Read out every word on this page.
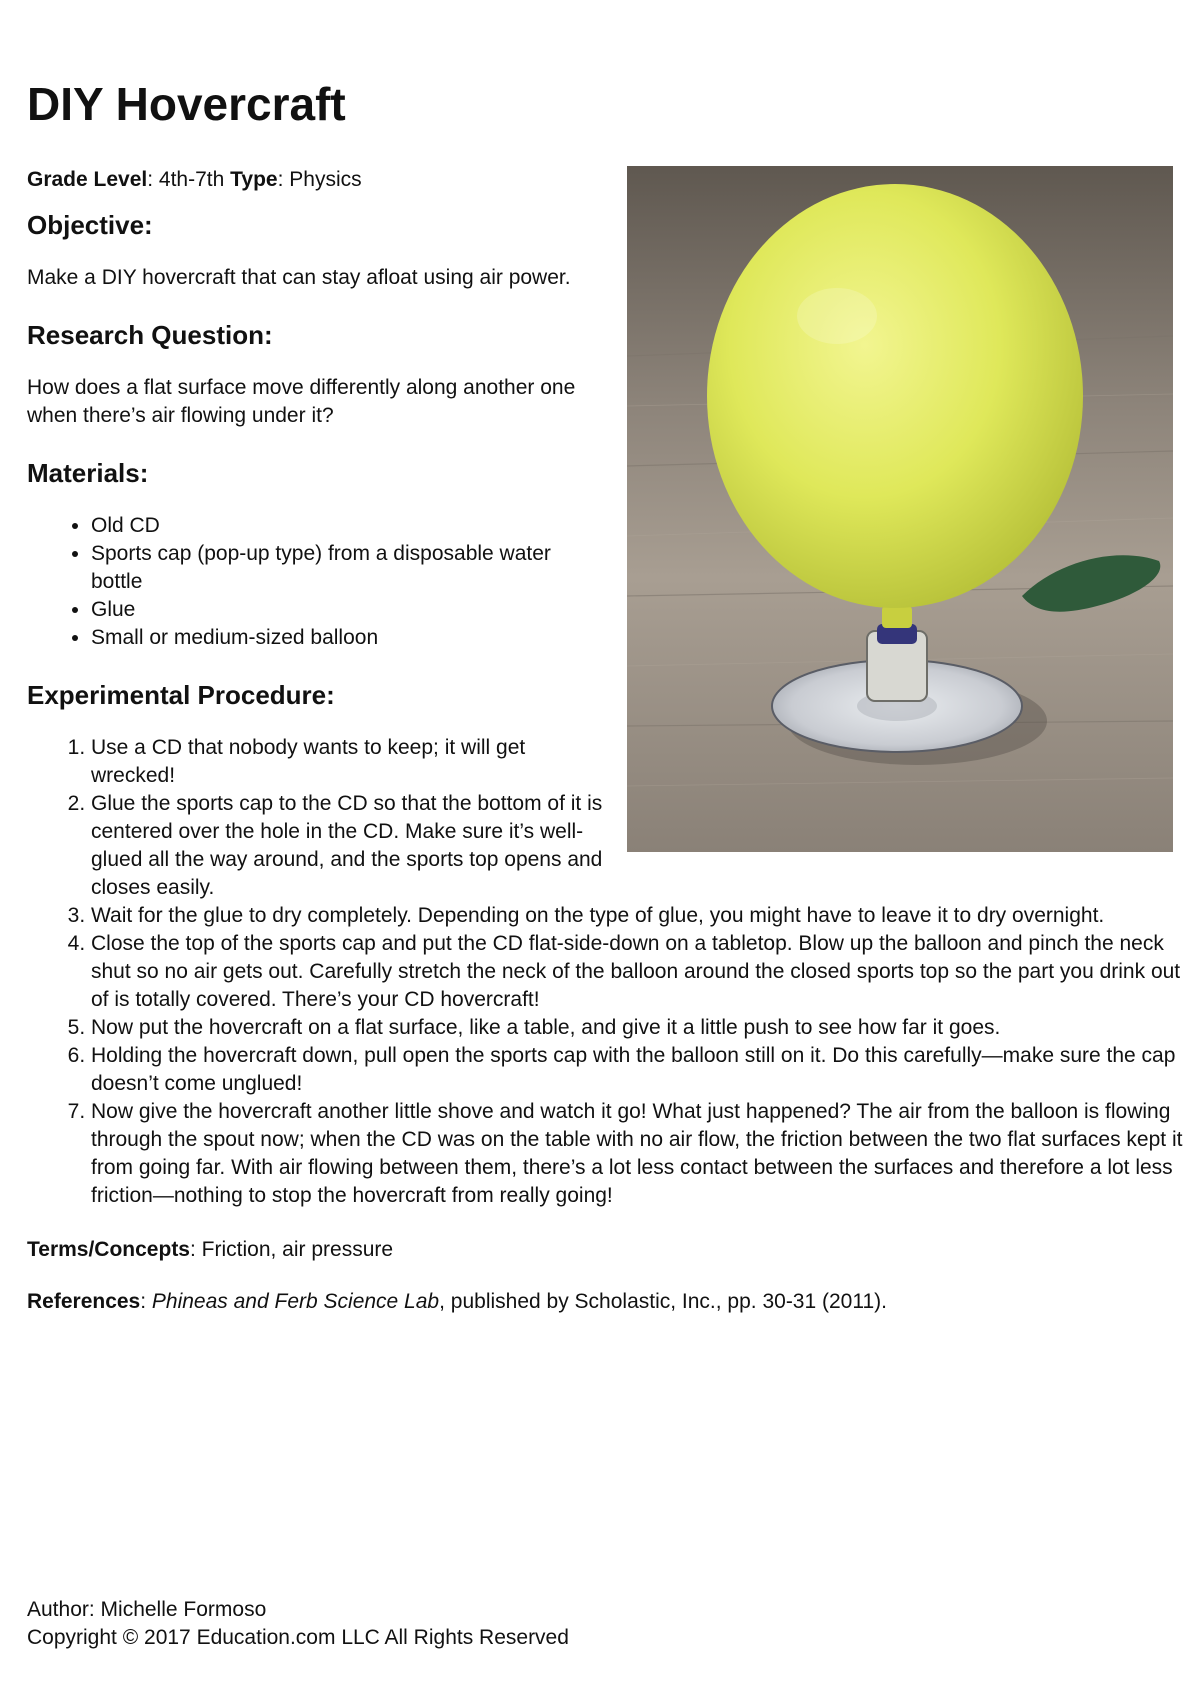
DIY Hovercraft

Grade Level: 4th-7th Type: Physics

Objective:

Make a DIY hovercraft that can stay afloat using air power.

Research Question:

How does a flat surface move differently along another one when there’s air flowing under it?

Materials:
• Old CD
• Sports cap (pop-up type) from a disposable water bottle
• Glue
• Small or medium-sized balloon
Experimental Procedure:
1. Use a CD that nobody wants to keep; it will get wrecked!
2. Glue the sports cap to the CD so that the bottom of it is centered over the hole in the CD. Make sure it’s well-glued all the way around, and the sports top opens and closes easily.
3. Wait for the glue to dry completely. Depending on the type of glue, you might have to leave it to dry overnight.
4. Close the top of the sports cap and put the CD flat-side-down on a tabletop. Blow up the balloon and pinch the neck shut so no air gets out. Carefully stretch the neck of the balloon around the closed sports top so the part you drink out of is totally covered. There’s your CD hovercraft!
5. Now put the hovercraft on a flat surface, like a table, and give it a little push to see how far it goes.
6. Holding the hovercraft down, pull open the sports cap with the balloon still on it. Do this carefully—make sure the cap doesn’t come unglued!
7. Now give the hovercraft another little shove and watch it go! What just happened? The air from the balloon is flowing through the spout now; when the CD was on the table with no air flow, the friction between the two flat surfaces kept it from going far. With air flowing between them, there’s a lot less contact between the surfaces and therefore a lot less friction—nothing to stop the hovercraft from really going!

Terms/Concepts: Friction, air pressure

References: Phineas and Ferb Science Lab, published by Scholastic, Inc., pp. 30-31 (2011).

Author: Michelle Formoso
Copyright © 2017 Education.com LLC All Rights Reserved
